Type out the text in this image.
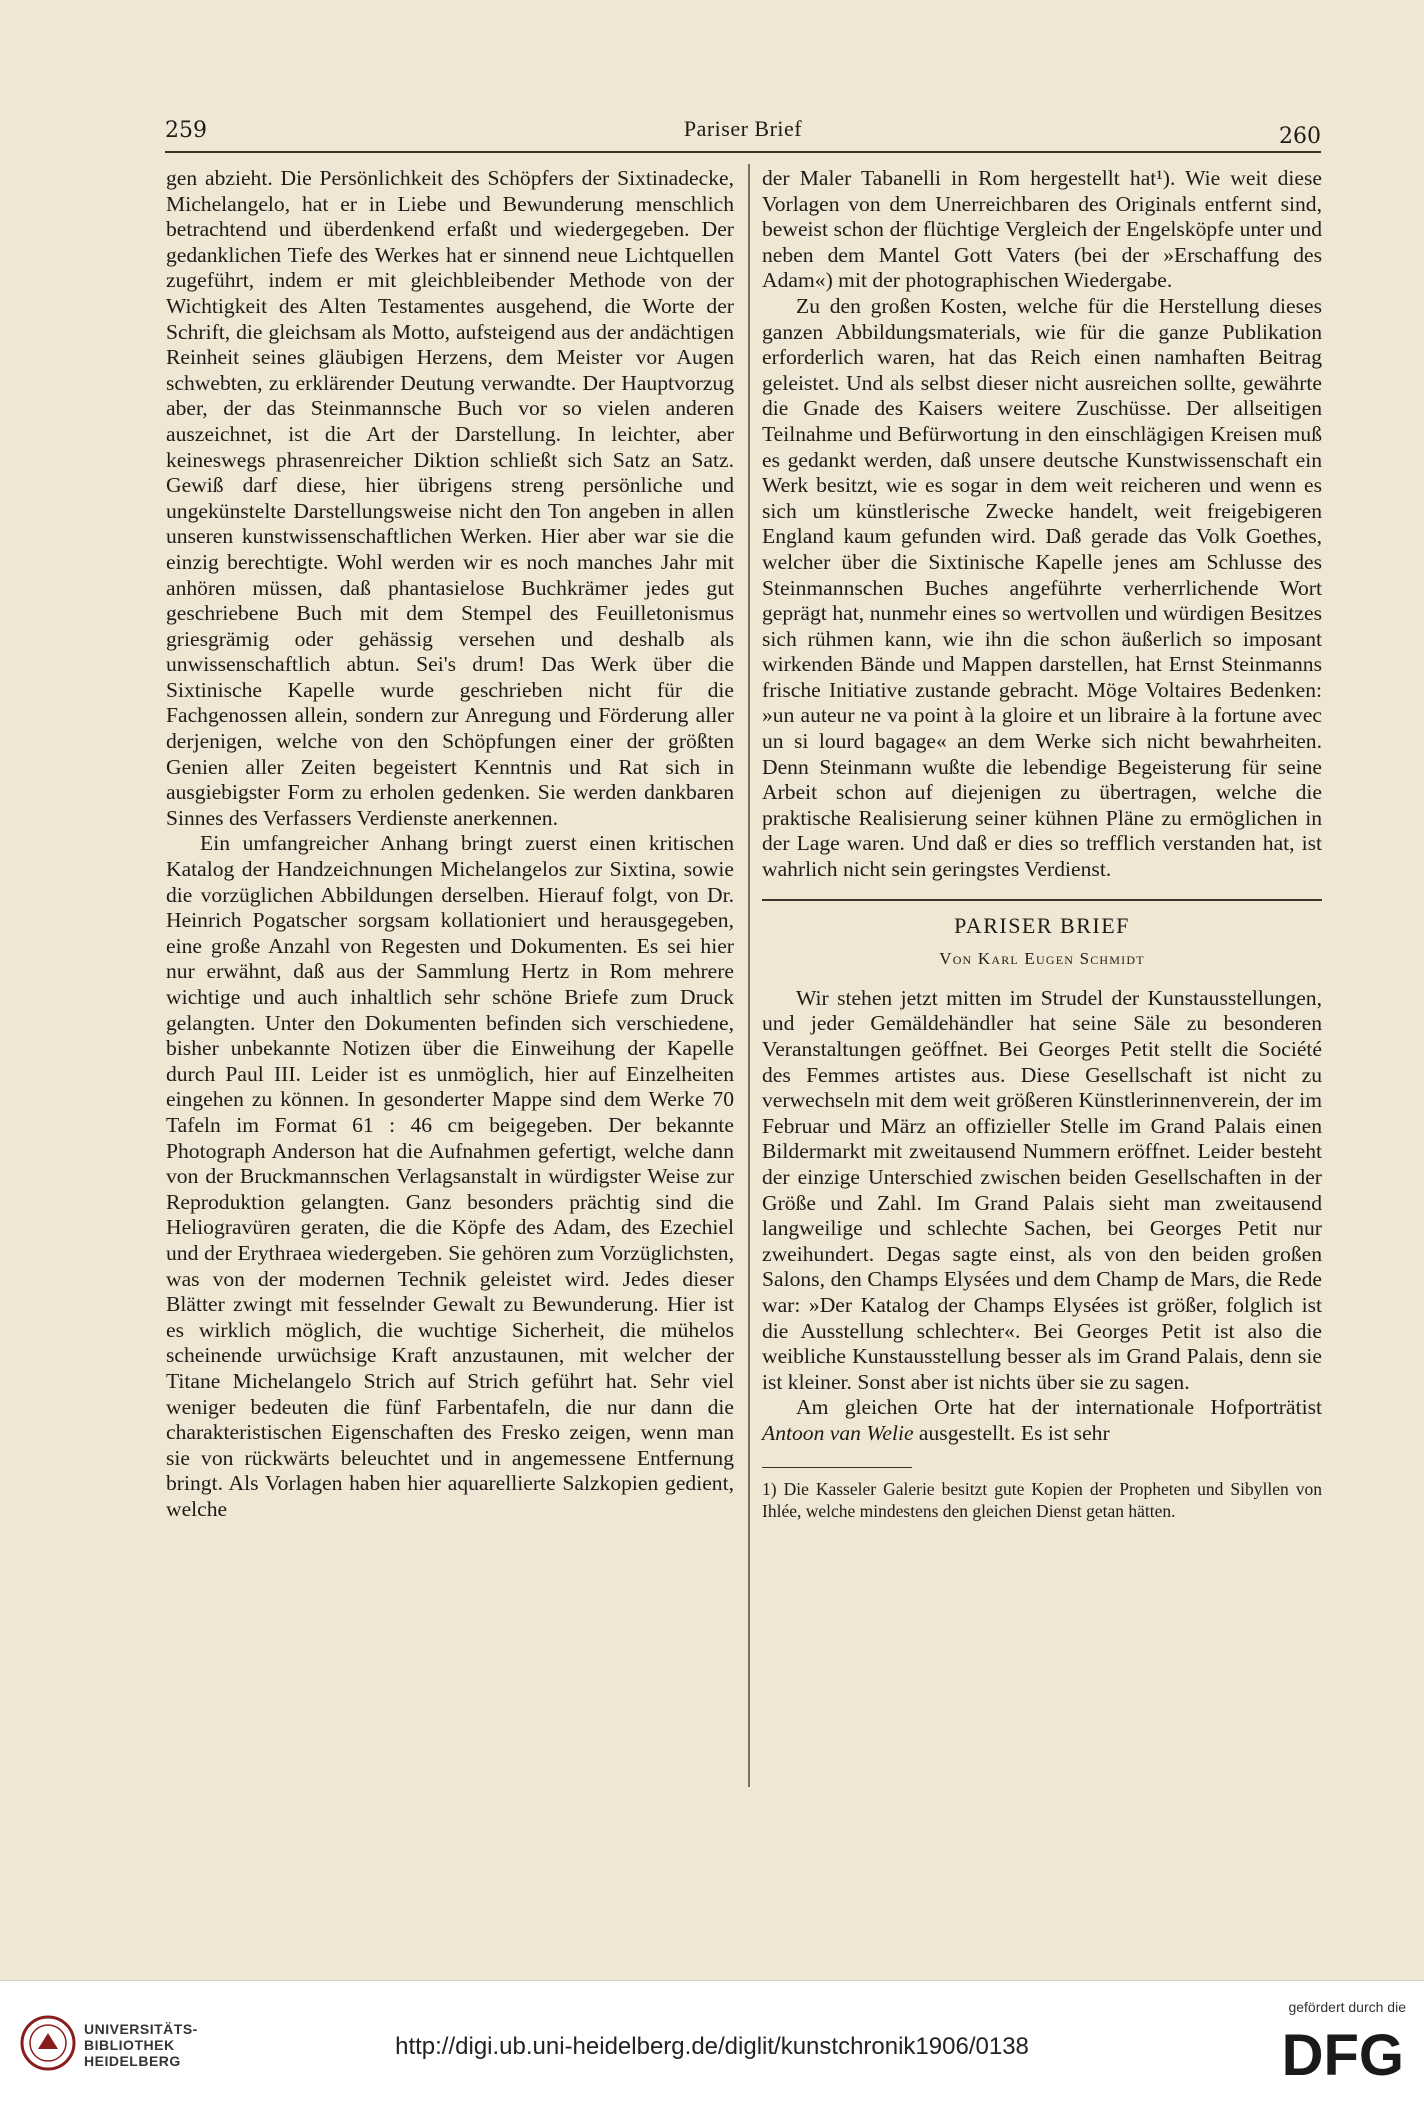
259	Pariser Brief	260

gen abzieht. Die Persönlichkeit des Schöpfers der Sixtinadecke, Michelangelo, hat er in Liebe und Bewunderung menschlich betrachtend und überdenkend erfaßt und wiedergegeben. Der gedanklichen Tiefe des Werkes hat er sinnend neue Lichtquellen zugeführt, indem er mit gleichbleibender Methode von der Wichtigkeit des Alten Testamentes ausgehend, die Worte der Schrift, die gleichsam als Motto, aufsteigend aus der andächtigen Reinheit seines gläubigen Herzens, dem Meister vor Augen schwebten, zu erklärender Deutung verwandte. Der Hauptvorzug aber, der das Steinmannsche Buch vor so vielen anderen auszeichnet, ist die Art der Darstellung. In leichter, aber keineswegs phrasenreicher Diktion schließt sich Satz an Satz. Gewiß darf diese, hier übrigens streng persönliche und ungekünstelte Darstellungsweise nicht den Ton angeben in allen unseren kunstwissenschaftlichen Werken. Hier aber war sie die einzig berechtigte. Wohl werden wir es noch manches Jahr mit anhören müssen, daß phantasielose Buchkrämer jedes gut geschriebene Buch mit dem Stempel des Feuilletonismus griesgrämig oder gehässig versehen und deshalb als unwissenschaftlich abtun. Sei's drum! Das Werk über die Sixtinische Kapelle wurde geschrieben nicht für die Fachgenossen allein, sondern zur Anregung und Förderung aller derjenigen, welche von den Schöpfungen einer der größten Genien aller Zeiten begeistert Kenntnis und Rat sich in ausgiebigster Form zu erholen gedenken. Sie werden dankbaren Sinnes des Verfassers Verdienste anerkennen.

Ein umfangreicher Anhang bringt zuerst einen kritischen Katalog der Handzeichnungen Michelangelos zur Sixtina, sowie die vorzüglichen Abbildungen derselben. Hierauf folgt, von Dr. Heinrich Pogatscher sorgsam kollationiert und herausgegeben, eine große Anzahl von Regesten und Dokumenten. Es sei hier nur erwähnt, daß aus der Sammlung Hertz in Rom mehrere wichtige und auch inhaltlich sehr schöne Briefe zum Druck gelangten. Unter den Dokumenten befinden sich verschiedene, bisher unbekannte Notizen über die Einweihung der Kapelle durch Paul III. Leider ist es unmöglich, hier auf Einzelheiten eingehen zu können. In gesonderter Mappe sind dem Werke 70 Tafeln im Format 61 : 46 cm beigegeben. Der bekannte Photograph Anderson hat die Aufnahmen gefertigt, welche dann von der Bruckmannschen Verlagsanstalt in würdigster Weise zur Reproduktion gelangten. Ganz besonders prächtig sind die Heliogravüren geraten, die die Köpfe des Adam, des Ezechiel und der Erythraea wiedergeben. Sie gehören zum Vorzüglichsten, was von der modernen Technik geleistet wird. Jedes dieser Blätter zwingt mit fesselnder Gewalt zu Bewunderung. Hier ist es wirklich möglich, die wuchtige Sicherheit, die mühelos scheinende urwüchsige Kraft anzustaunen, mit welcher der Titane Michelangelo Strich auf Strich geführt hat. Sehr viel weniger bedeuten die fünf Farbentafeln, die nur dann die charakteristischen Eigenschaften des Fresko zeigen, wenn man sie von rückwärts beleuchtet und in angemessene Entfernung bringt. Als Vorlagen haben hier aquarellierte Salzkopien gedient, welche

der Maler Tabanelli in Rom hergestellt hat¹). Wie weit diese Vorlagen von dem Unerreichbaren des Originals entfernt sind, beweist schon der flüchtige Vergleich der Engelsköpfe unter und neben dem Mantel Gott Vaters (bei der »Erschaffung des Adam«) mit der photographischen Wiedergabe.

Zu den großen Kosten, welche für die Herstellung dieses ganzen Abbildungsmaterials, wie für die ganze Publikation erforderlich waren, hat das Reich einen namhaften Beitrag geleistet. Und als selbst dieser nicht ausreichen sollte, gewährte die Gnade des Kaisers weitere Zuschüsse. Der allseitigen Teilnahme und Befürwortung in den einschlägigen Kreisen muß es gedankt werden, daß unsere deutsche Kunstwissenschaft ein Werk besitzt, wie es sogar in dem weit reicheren und wenn es sich um künstlerische Zwecke handelt, weit freigebigeren England kaum gefunden wird. Daß gerade das Volk Goethes, welcher über die Sixtinische Kapelle jenes am Schlusse des Steinmannschen Buches angeführte verherrlichende Wort geprägt hat, nunmehr eines so wertvollen und würdigen Besitzes sich rühmen kann, wie ihn die schon äußerlich so imposant wirkenden Bände und Mappen darstellen, hat Ernst Steinmanns frische Initiative zustande gebracht. Möge Voltaires Bedenken: »un auteur ne va point à la gloire et un libraire à la fortune avec un si lourd bagage« an dem Werke sich nicht bewahrheiten. Denn Steinmann wußte die lebendige Begeisterung für seine Arbeit schon auf diejenigen zu übertragen, welche die praktische Realisierung seiner kühnen Pläne zu ermöglichen in der Lage waren. Und daß er dies so trefflich verstanden hat, ist wahrlich nicht sein geringstes Verdienst.

PARISER BRIEF
Von Karl Eugen Schmidt

Wir stehen jetzt mitten im Strudel der Kunstausstellungen, und jeder Gemäldehändler hat seine Säle zu besonderen Veranstaltungen geöffnet. Bei Georges Petit stellt die Société des Femmes artistes aus. Diese Gesellschaft ist nicht zu verwechseln mit dem weit größeren Künstlerinnenverein, der im Februar und März an offizieller Stelle im Grand Palais einen Bildermarkt mit zweitausend Nummern eröffnet. Leider besteht der einzige Unterschied zwischen beiden Gesellschaften in der Größe und Zahl. Im Grand Palais sieht man zweitausend langweilige und schlechte Sachen, bei Georges Petit nur zweihundert. Degas sagte einst, als von den beiden großen Salons, den Champs Elysées und dem Champ de Mars, die Rede war: »Der Katalog der Champs Elysées ist größer, folglich ist die Ausstellung schlechter«. Bei Georges Petit ist also die weibliche Kunstausstellung besser als im Grand Palais, denn sie ist kleiner. Sonst aber ist nichts über sie zu sagen.

Am gleichen Orte hat der internationale Hofporträtist Antoon van Welie ausgestellt. Es ist sehr

1) Die Kasseler Galerie besitzt gute Kopien der Propheten und Sibyllen von Ihlée, welche mindestens den gleichen Dienst getan hätten.

UNIVERSITÄTS-
BIBLIOTHEK
HEIDELBERG
http://digi.ub.uni-heidelberg.de/diglit/kunstchronik1906/0138
gefördert durch die
DFG
